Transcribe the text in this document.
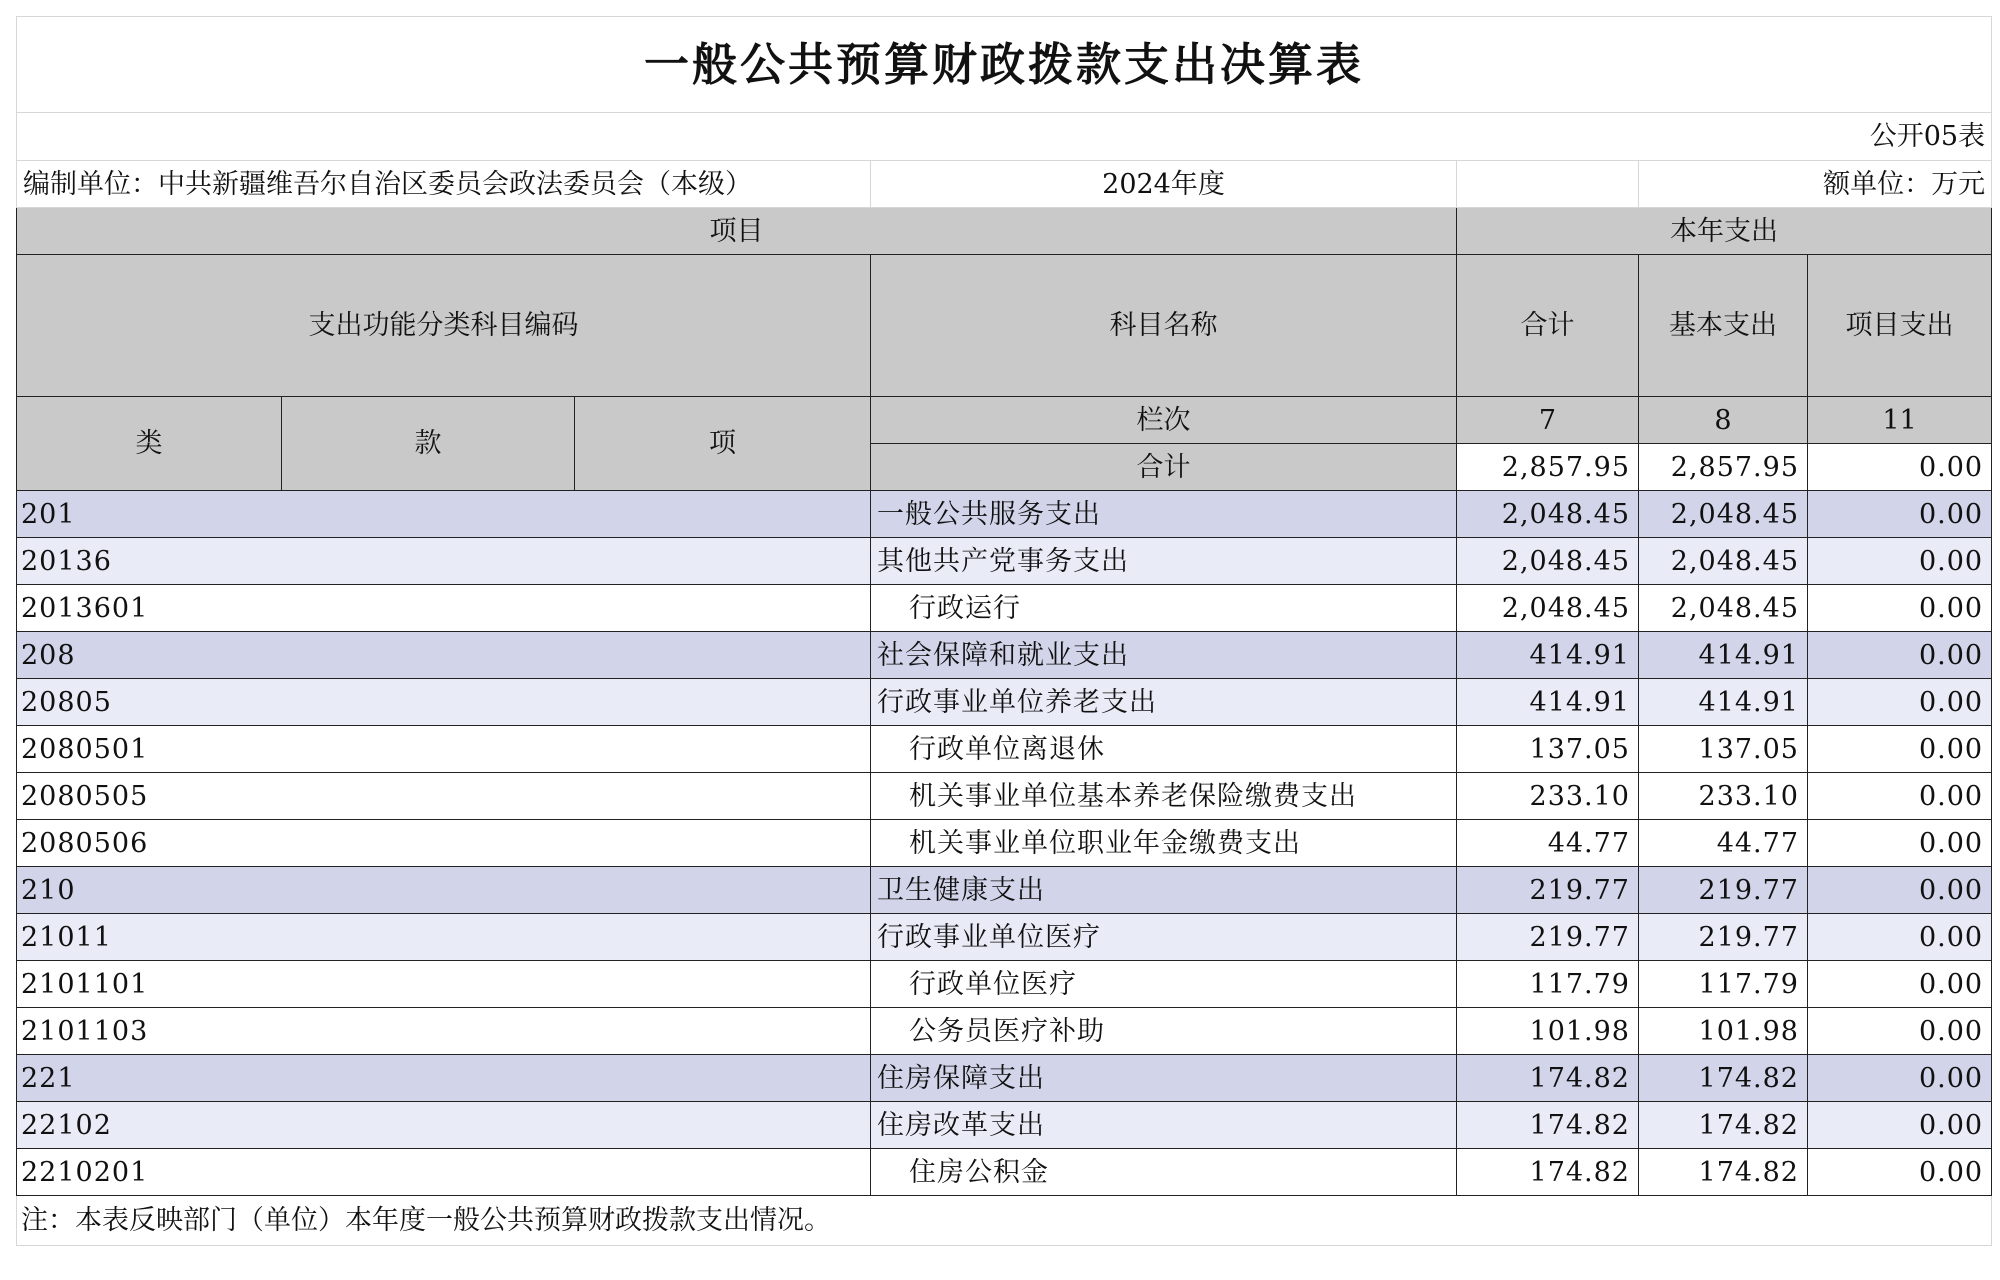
一般公共预算财政拨款支出决算表						
公开05表						
编制单位：中共新疆维吾尔自治区委员会政法委员会（本级）			2024年度		额单位：万元	
项目				本年支出		
支出功能分类科目编码			科目名称	合计	基本支出	项目支出
类	款	项	栏次	7	8	11
			合计	2,857.95	2,857.95	0.00
201			一般公共服务支出	2,048.45	2,048.45	0.00
20136			其他共产党事务支出	2,048.45	2,048.45	0.00
2013601			行政运行	2,048.45	2,048.45	0.00
208			社会保障和就业支出	414.91	414.91	0.00
20805			行政事业单位养老支出	414.91	414.91	0.00
2080501			行政单位离退休	137.05	137.05	0.00
2080505			机关事业单位基本养老保险缴费支出	233.10	233.10	0.00
2080506			机关事业单位职业年金缴费支出	44.77	44.77	0.00
210			卫生健康支出	219.77	219.77	0.00
21011			行政事业单位医疗	219.77	219.77	0.00
2101101			行政单位医疗	117.79	117.79	0.00
2101103			公务员医疗补助	101.98	101.98	0.00
221			住房保障支出	174.82	174.82	0.00
22102			住房改革支出	174.82	174.82	0.00
2210201			住房公积金	174.82	174.82	0.00
注：本表反映部门（单位）本年度一般公共预算财政拨款支出情况。						
